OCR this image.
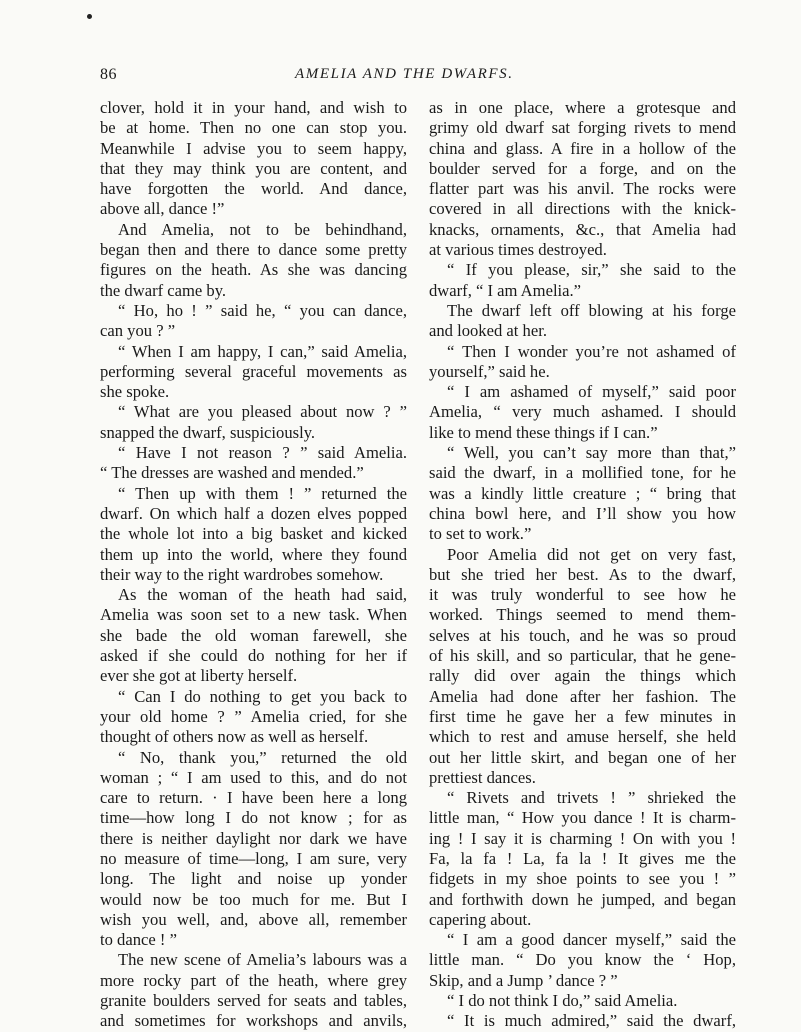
86	AMELIA AND THE DWARFS.
clover, hold it in your hand, and wish to
be at home. Then no one can stop you.
Meanwhile I advise you to seem happy,
that they may think you are content, and
have forgotten the world. And dance,
above all, dance !”
And Amelia, not to be behindhand,
began then and there to dance some pretty
figures on the heath. As she was dancing
the dwarf came by.
“ Ho, ho ! ” said he, “ you can dance,
can you ? ”
“ When I am happy, I can,” said Amelia,
performing several graceful movements as
she spoke.
“ What are you pleased about now ? ”
snapped the dwarf, suspiciously.
“ Have I not reason ? ” said Amelia.
“ The dresses are washed and mended.”
“ Then up with them ! ” returned the
dwarf. On which half a dozen elves popped
the whole lot into a big basket and kicked
them up into the world, where they found
their way to the right wardrobes somehow.
As the woman of the heath had said,
Amelia was soon set to a new task. When
she bade the old woman farewell, she
asked if she could do nothing for her if
ever she got at liberty herself.
“ Can I do nothing to get you back to
your old home ? ” Amelia cried, for she
thought of others now as well as herself.
“ No, thank you,” returned the old
woman ; “ I am used to this, and do not
care to return. · I have been here a long
time—how long I do not know ; for as
there is neither daylight nor dark we have
no measure of time—long, I am sure, very
long. The light and noise up yonder
would now be too much for me. But I
wish you well, and, above all, remember
to dance ! ”
The new scene of Amelia’s labours was a
more rocky part of the heath, where grey
granite boulders served for seats and tables,
and sometimes for workshops and anvils,
as in one place, where a grotesque and
grimy old dwarf sat forging rivets to mend
china and glass. A fire in a hollow of the
boulder served for a forge, and on the
flatter part was his anvil. The rocks were
covered in all directions with the knick-
knacks, ornaments, &c., that Amelia had
at various times destroyed.
“ If you please, sir,” she said to the
dwarf, “ I am Amelia.”
The dwarf left off blowing at his forge
and looked at her.
“ Then I wonder you’re not ashamed of
yourself,” said he.
“ I am ashamed of myself,” said poor
Amelia, “ very much ashamed. I should
like to mend these things if I can.”
“ Well, you can’t say more than that,”
said the dwarf, in a mollified tone, for he
was a kindly little creature ; “ bring that
china bowl here, and I’ll show you how
to set to work.”
Poor Amelia did not get on very fast,
but she tried her best. As to the dwarf,
it was truly wonderful to see how he
worked. Things seemed to mend them-
selves at his touch, and he was so proud
of his skill, and so particular, that he gene-
rally did over again the things which
Amelia had done after her fashion. The
first time he gave her a few minutes in
which to rest and amuse herself, she held
out her little skirt, and began one of her
prettiest dances.
“ Rivets and trivets ! ” shrieked the
little man, “ How you dance ! It is charm-
ing ! I say it is charming ! On with you !
Fa, la fa ! La, fa la ! It gives me the
fidgets in my shoe points to see you ! ”
and forthwith down he jumped, and began
capering about.
“ I am a good dancer myself,” said the
little man. “ Do you know the ‘ Hop,
Skip, and a Jump ’ dance ? ”
“ I do not think I do,” said Amelia.
“ It is much admired,” said the dwarf,
